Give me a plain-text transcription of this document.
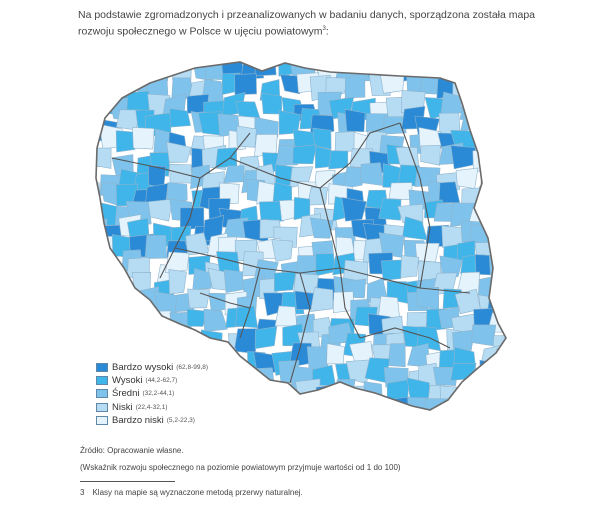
Na podstawie zgromadzonych i przeanalizowanych w badaniu danych, sporządzona została mapa rozwoju społecznego w Polsce w ujęciu powiatowym$^3$:
Bardzo wysoki (62,8-99,8)
Wysoki (44,2-62,7)
Średni (32,2-44,1)
Niski (22,4-32,1)
Bardzo niski (5,2-22,3)
Źródło: Opracowanie własne.
(Wskaźnik rozwoju społecznego na poziomie powiatowym przyjmuje wartości od 1 do 100)
3 Klasy na mapie są wyznaczone metodą przerwy naturalnej.
